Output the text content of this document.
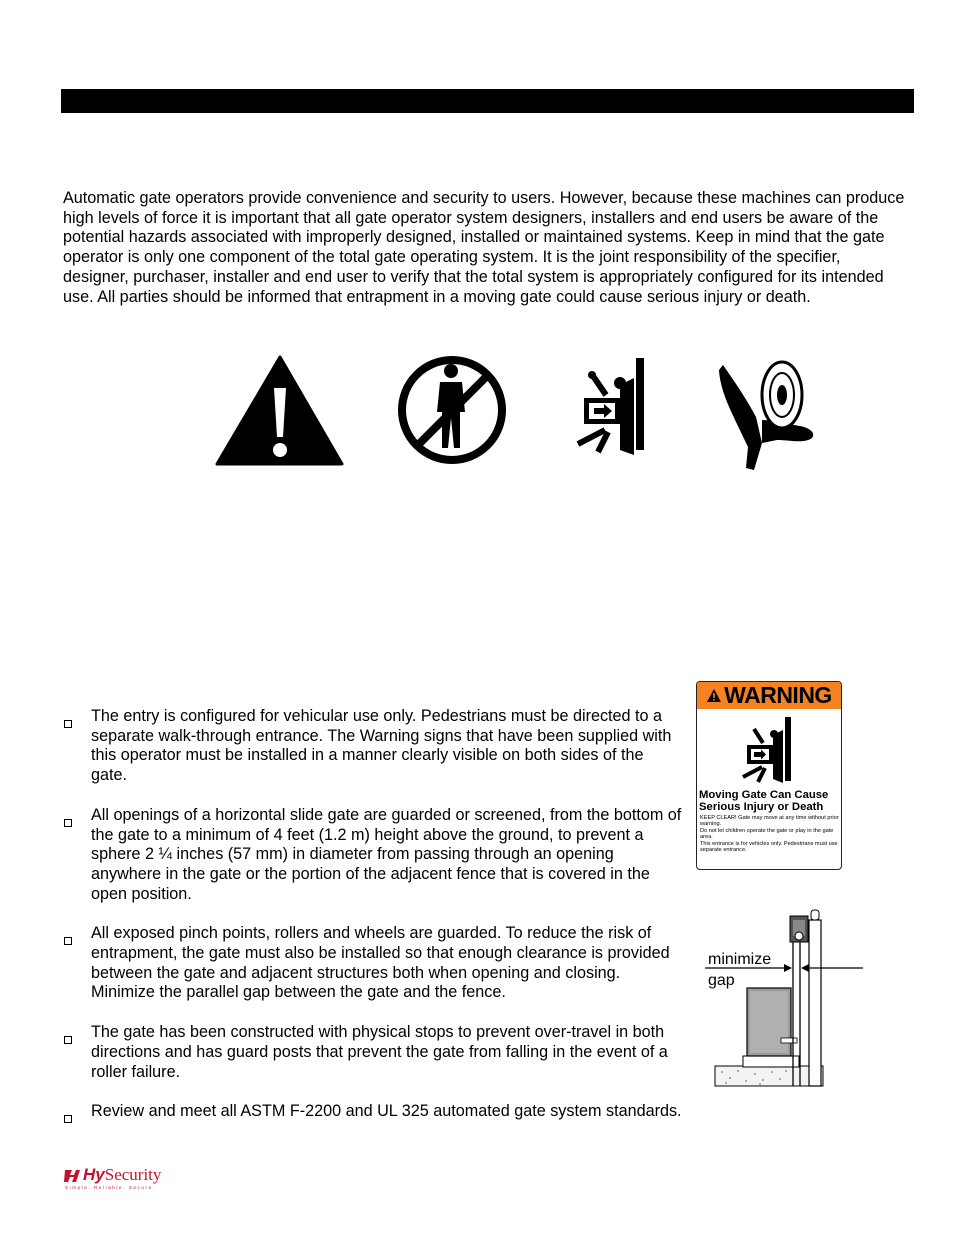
Automatic gate operators provide convenience and security to users. However, because these machines can produce high levels of force it is important that all gate operator system designers, installers and end users be aware of the potential hazards associated with improperly designed, installed or maintained systems. Keep in mind that the gate operator is only one component of the total gate operating system. It is the joint responsibility of the specifier, designer, purchaser, installer and end user to verify that the total system is appropriately configured for its intended use. All parties should be informed that entrapment in a moving gate could cause serious injury or death.

The entry is configured for vehicular use only. Pedestrians must be directed to a separate walk-through entrance. The Warning signs that have been supplied with this operator must be installed in a manner clearly visible on both sides of the gate.
All openings of a horizontal slide gate are guarded or screened, from the bottom of the gate to a minimum of 4 feet (1.2 m) height above the ground, to prevent a sphere 2 ¼ inches (57 mm) in diameter from passing through an opening anywhere in the gate or the portion of the adjacent fence that is covered in the open position.
All exposed pinch points, rollers and wheels are guarded. To reduce the risk of entrapment, the gate must also be installed so that enough clearance is provided between the gate and adjacent structures both when opening and closing. Minimize the parallel gap between the gate and the fence.
The gate has been constructed with physical stops to prevent over-travel in both directions and has guard posts that prevent the gate from falling in the event of a roller failure.
Review and meet all ASTM F-2200 and UL 325 automated gate system standards.
WARNING
Moving Gate Can Cause Serious Injury or Death
KEEP CLEAR! Gate may move at any time without prior warning.
Do not let children operate the gate or play in the gate area.
This entrance is for vehicles only. Pedestrians must use separate entrance.
minimize
gap
HySecurity
Simple. Reliable. Secure.
